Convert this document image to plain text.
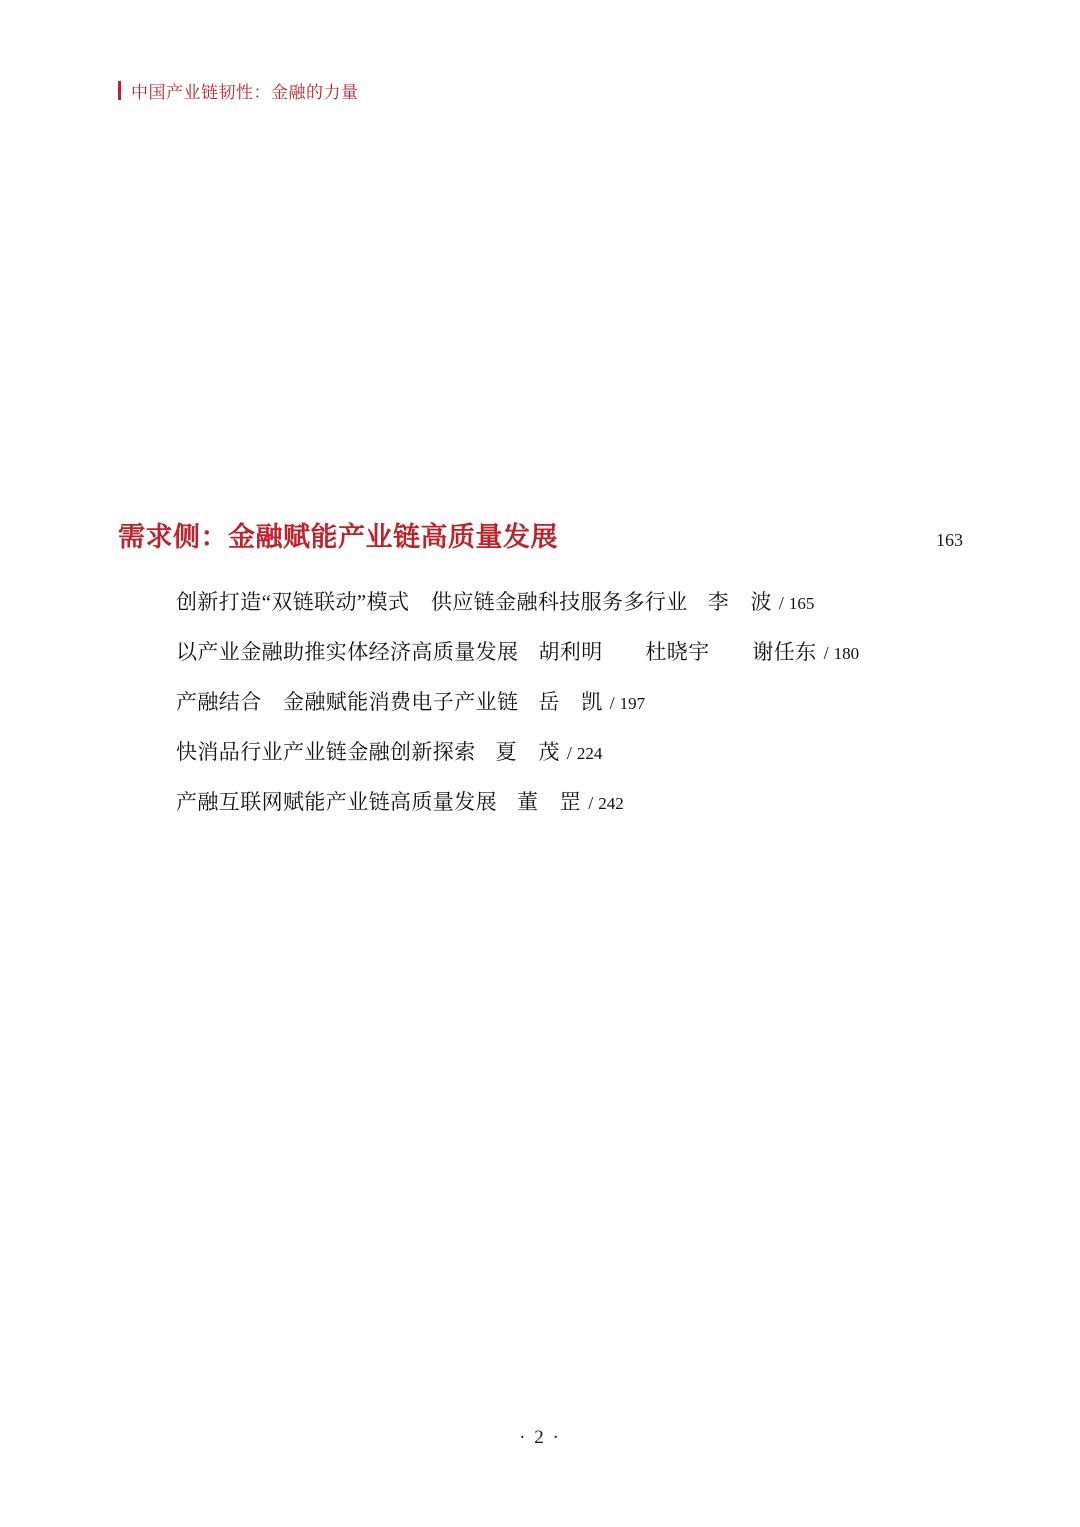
中国产业链韧性：金融的力量
需求侧：金融赋能产业链高质量发展	163
创新打造“双链联动”模式　供应链金融科技服务多行业 李　波 / 165
以产业金融助推实体经济高质量发展 胡利明　　杜晓宇　　谢任东 / 180
产融结合　金融赋能消费电子产业链 岳　凯 / 197
快消品行业产业链金融创新探索 夏　茂 / 224
产融互联网赋能产业链高质量发展 董　罡 / 242
· 2 ·
